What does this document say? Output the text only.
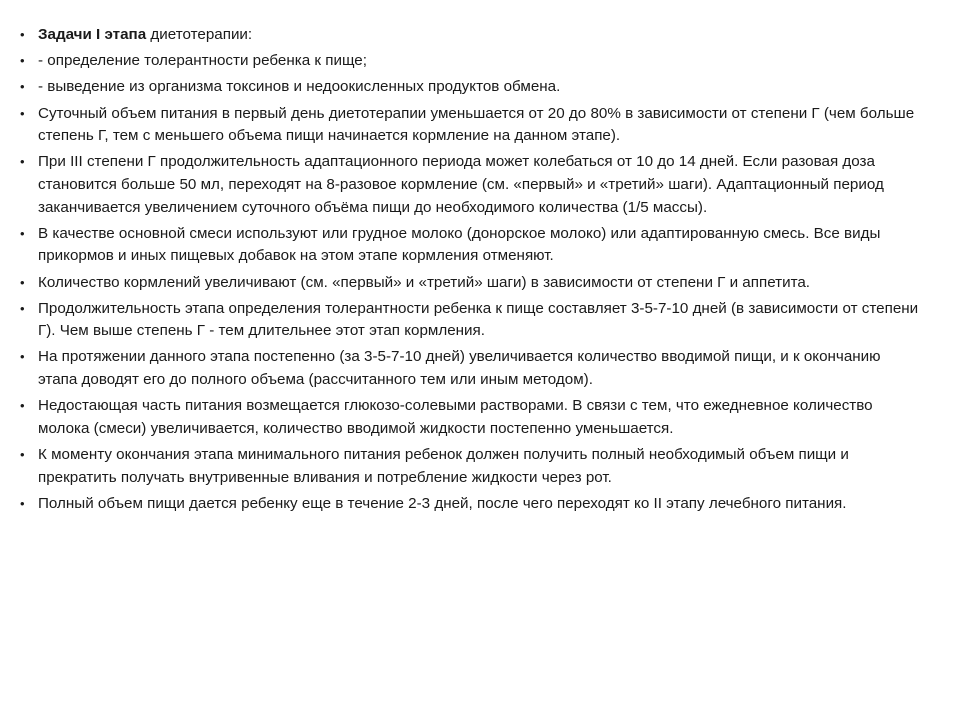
• Задачи I этапа диетотерапии:
• - определение толерантности ребенка к пище;
• - выведение из организма токсинов и недоокисленных продуктов обмена.
• Суточный объем питания в первый день диетотерапии уменьшается от 20 до 80% в зависимости от степени Г (чем больше степень Г, тем с меньшего объема пищи начинается кормление на данном этапе).
• При III степени Г продолжительность адаптационного периода может колебаться от 10 до 14 дней. Если разовая доза становится больше 50 мл, переходят на 8-разовое кормление (см. «первый» и «третий» шаги). Адаптационный период заканчивается увеличением суточного объёма пищи до необходимого количества (1/5 массы).
• В качестве основной смеси используют или грудное молоко (донорское молоко) или адаптированную смесь. Все виды прикормов и иных пищевых добавок на этом этапе кормления отменяют.
• Количество кормлений увеличивают (см. «первый» и «третий» шаги) в зависимости от степени Г и аппетита.
• Продолжительность этапа определения толерантности ребенка к пище составляет 3-5-7-10 дней (в зависимости от степени Г). Чем выше степень Г - тем длительнее этот этап кормления.
• На протяжении данного этапа постепенно (за 3-5-7-10 дней) увеличивается количество вводимой пищи, и к окончанию этапа доводят его до полного объема (рассчитанного тем или иным методом).
• Недостающая часть питания возмещается глюкозо-солевыми растворами. В связи с тем, что ежедневное количество молока (смеси) увеличивается, количество вводимой жидкости постепенно уменьшается.
• К моменту окончания этапа минимального питания ребенок должен получить полный необходимый объем пищи и прекратить получать внутривенные вливания и потребление жидкости через рот.
• Полный объем пищи дается ребенку еще в течение 2-3 дней, после чего переходят ко II этапу лечебного питания.
